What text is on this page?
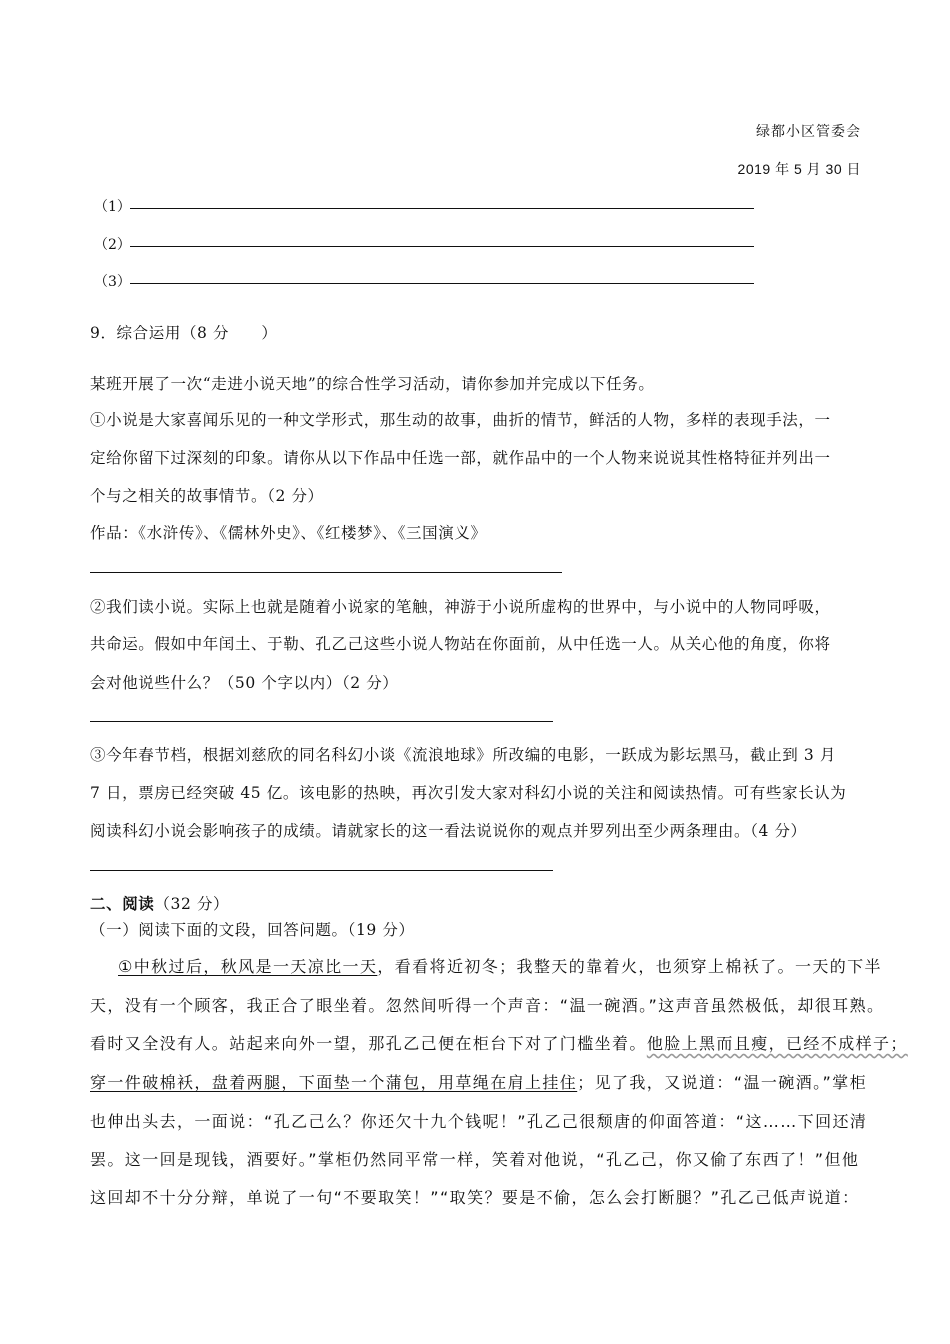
绿都小区管委会
2019 年 5 月 30 日
（1）
（2）
（3）
9．综合运用（8 分　　）
某班开展了一次“走进小说天地”的综合性学习活动，请你参加并完成以下任务。
①小说是大家喜闻乐见的一种文学形式，那生动的故事，曲折的情节，鲜活的人物，多样的表现手法，一
定给你留下过深刻的印象。请你从以下作品中任选一部，就作品中的一个人物来说说其性格特征并列出一
个与之相关的故事情节。（2 分）
作品：《水浒传》、《儒林外史》、《红楼梦》、《三国演义》
②我们读小说。实际上也就是随着小说家的笔触，神游于小说所虚构的世界中，与小说中的人物同呼吸，
共命运。假如中年闰土、于勒、孔乙己这些小说人物站在你面前，从中任选一人。从关心他的角度，你将
会对他说些什么？（50 个字以内）（2 分）
③今年春节档，根据刘慈欣的同名科幻小谈《流浪地球》所改编的电影，一跃成为影坛黑马，截止到 3 月
7 日，票房已经突破 45 亿。该电影的热映，再次引发大家对科幻小说的关注和阅读热情。可有些家长认为
阅读科幻小说会影响孩子的成绩。请就家长的这一看法说说你的观点并罗列出至少两条理由。（4 分）
二、阅读（32 分）
（一）阅读下面的文段，回答问题。（19 分）
①中秋过后，秋风是一天凉比一天，看看将近初冬；我整天的靠着火，也须穿上棉袄了。一天的下半
天，没有一个顾客，我正合了眼坐着。忽然间听得一个声音：“温一碗酒。”这声音虽然极低，却很耳熟。
看时又全没有人。站起来向外一望，那孔乙己便在柜台下对了门槛坐着。他脸上黑而且瘦，已经不成样子；
穿一件破棉袄，盘着两腿，下面垫一个蒲包，用草绳在肩上挂住；见了我，又说道：“温一碗酒。”掌柜
也伸出头去，一面说：“孔乙己么？你还欠十九个钱呢！”孔乙己很颓唐的仰面答道：“这……下回还清
罢。这一回是现钱，酒要好。”掌柜仍然同平常一样，笑着对他说，“孔乙己，你又偷了东西了！”但他
这回却不十分分辩，单说了一句“不要取笑！”“取笑？要是不偷，怎么会打断腿？”孔乙己低声说道：
